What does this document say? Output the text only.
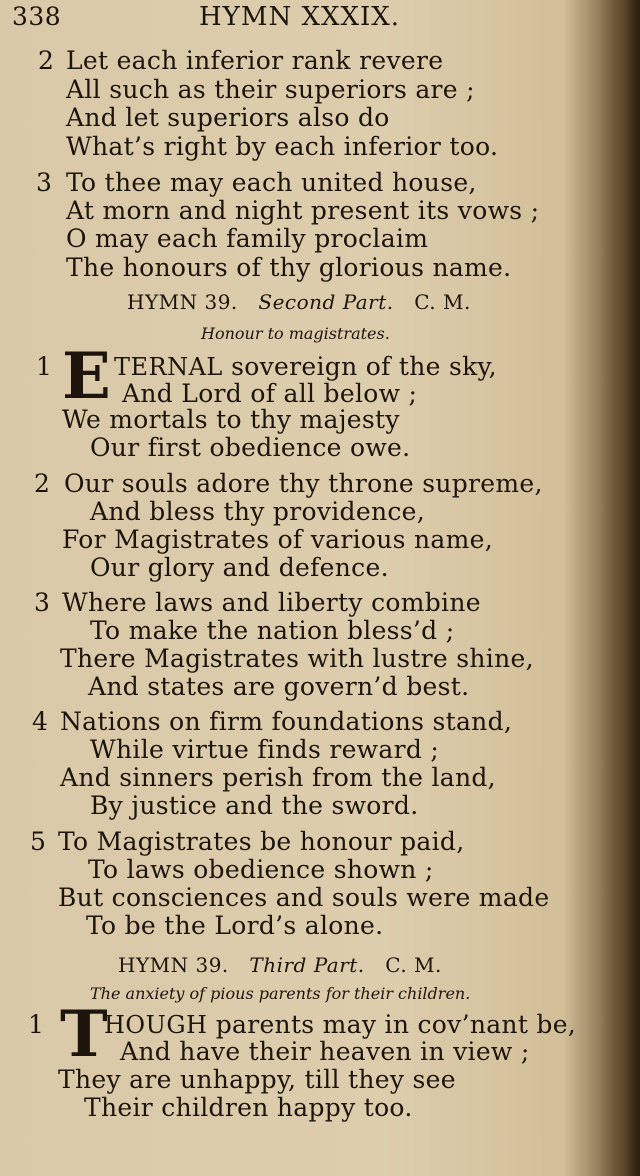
338	HYMN XXXIX.
2 Let each inferior rank revere
All such as their superiors are ;
And let superiors also do
What’s right by each inferior too.
3 To thee may each united house,
At morn and night present its vows ;
O may each family proclaim
The honours of thy glorious name.
HYMN 39. Second Part. C. M.
Honour to magistrates.
1 E TERNAL sovereign of the sky,
And Lord of all below ;
We mortals to thy majesty
Our first obedience owe.
2 Our souls adore thy throne supreme,
And bless thy providence,
For Magistrates of various name,
Our glory and defence.
3 Where laws and liberty combine
To make the nation bless’d ;
There Magistrates with lustre shine,
And states are govern’d best.
4 Nations on firm foundations stand,
While virtue finds reward ;
And sinners perish from the land,
By justice and the sword.
5 To Magistrates be honour paid,
To laws obedience shown ;
But consciences and souls were made
To be the Lord’s alone.
HYMN 39. Third Part. C. M.
The anxiety of pious parents for their children.
1 T
HOUGH parents may in cov’nant be,
And have their heaven in view ;
They are unhappy, till they see
Their children happy too.
